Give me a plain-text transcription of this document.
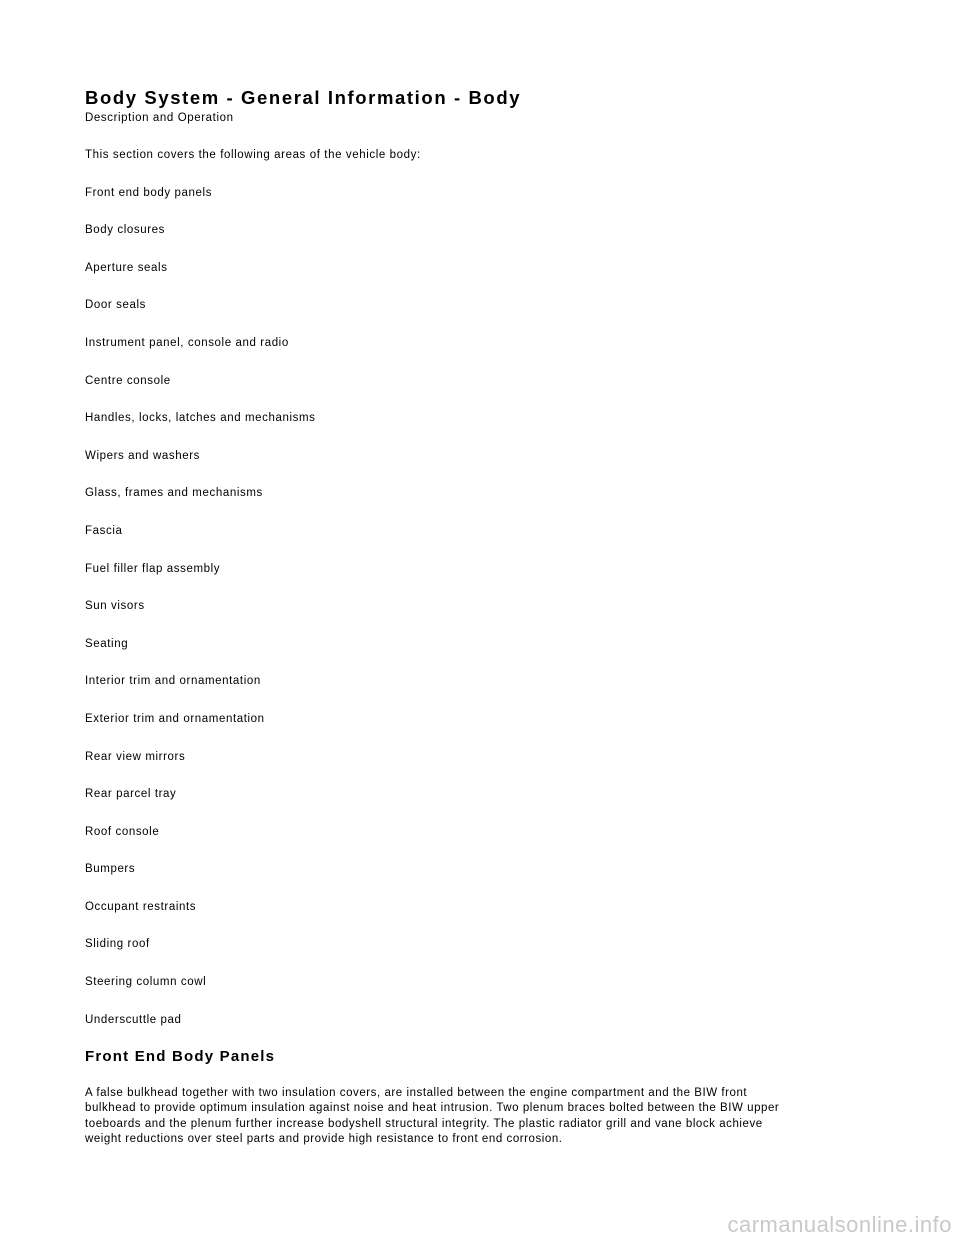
Body System - General Information - Body

Description and Operation

This section covers the following areas of the vehicle body:

Front end body panels
Body closures
Aperture seals
Door seals
Instrument panel, console and radio
Centre console
Handles, locks, latches and mechanisms
Wipers and washers
Glass, frames and mechanisms
Fascia
Fuel filler flap assembly
Sun visors
Seating
Interior trim and ornamentation
Exterior trim and ornamentation
Rear view mirrors
Rear parcel tray
Roof console
Bumpers
Occupant restraints
Sliding roof
Steering column cowl
Underscuttle pad
Front End Body Panels

A false bulkhead together with two insulation covers, are installed between the engine compartment and the BIW front
bulkhead to provide optimum insulation against noise and heat intrusion. Two plenum braces bolted between the BIW upper
toeboards and the plenum further increase bodyshell structural integrity. The plastic radiator grill and vane block achieve
weight reductions over steel parts and provide high resistance to front end corrosion.

carmanualsonline.info
